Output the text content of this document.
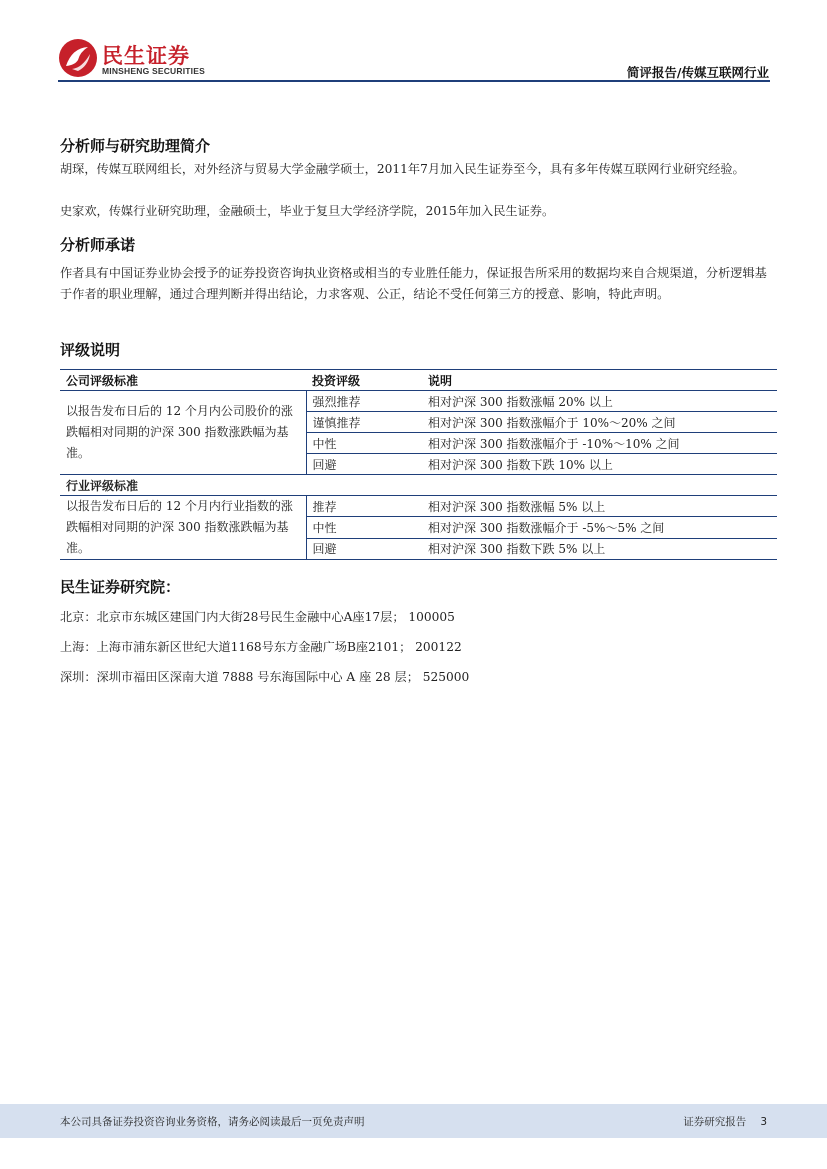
民生证券
MINSHENG SECURITIES	简评报告/传媒互联网行业
分析师与研究助理简介
胡琛，传媒互联网组长，对外经济与贸易大学金融学硕士，2011年7月加入民生证券至今，具有多年传媒互联网行业研究经验。
史家欢，传媒行业研究助理，金融硕士，毕业于复旦大学经济学院，2015年加入民生证券。
分析师承诺
作者具有中国证券业协会授予的证券投资咨询执业资格或相当的专业胜任能力，保证报告所采用的数据均来自合规渠道，分析逻辑基于作者的职业理解，通过合理判断并得出结论，力求客观、公正，结论不受任何第三方的授意、影响，特此声明。
评级说明
公司评级标准	投资评级	说明
以报告发布日后的 12 个月内公司股价的涨跌幅相对同期的沪深 300 指数涨跌幅为基准。	强烈推荐	相对沪深 300 指数涨幅 20% 以上
	谨慎推荐	相对沪深 300 指数涨幅介于 10%～20% 之间
	中性	相对沪深 300 指数涨幅介于 -10%～10% 之间
	回避	相对沪深 300 指数下跌 10% 以上
行业评级标准		
以报告发布日后的 12 个月内行业指数的涨跌幅相对同期的沪深 300 指数涨跌幅为基准。	推荐	相对沪深 300 指数涨幅 5% 以上
	中性	相对沪深 300 指数涨幅介于 -5%～5% 之间
	回避	相对沪深 300 指数下跌 5% 以上
民生证券研究院：
北京：北京市东城区建国门内大街28号民生金融中心A座17层； 100005
上海：上海市浦东新区世纪大道1168号东方金融广场B座2101； 200122
深圳：深圳市福田区深南大道 7888 号东海国际中心 A 座 28 层； 525000
本公司具备证券投资咨询业务资格，请务必阅读最后一页免责声明	证券研究报告 3
